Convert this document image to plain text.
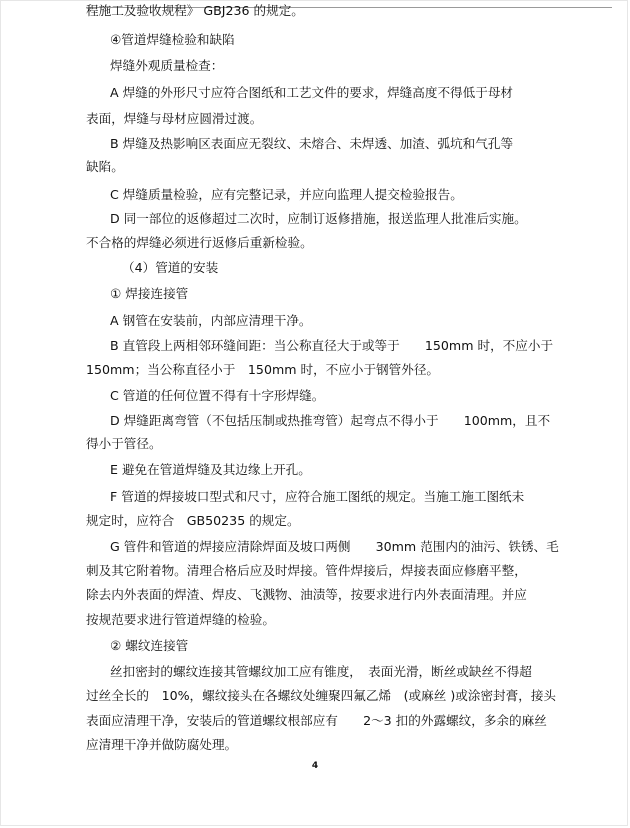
程施工及验收规程》 GBJ236 的规定。
④管道焊缝检验和缺陷
焊缝外观质量检查：
A 焊缝的外形尺寸应符合图纸和工艺文件的要求，焊缝高度不得低于母材
表面，焊缝与母材应圆滑过渡。
B 焊缝及热影响区表面应无裂纹、未熔合、未焊透、加渣、弧坑和气孔等
缺陷。
C 焊缝质量检验，应有完整记录，并应向监理人提交检验报告。
D 同一部位的返修超过二次时，应制订返修措施，报送监理人批准后实施。
不合格的焊缝必须进行返修后重新检验。
（4）管道的安装
① 焊接连接管
A 钢管在安装前，内部应清理干净。
B 直管段上两相邻环缝间距：当公称直径大于或等于　　150mm 时，不应小于
150mm；当公称直径小于　150mm 时，不应小于钢管外径。
C 管道的任何位置不得有十字形焊缝。
D 焊缝距离弯管（不包括压制或热推弯管）起弯点不得小于　　100mm，且不
得小于管径。
E 避免在管道焊缝及其边缘上开孔。
F 管道的焊接坡口型式和尺寸，应符合施工图纸的规定。当施工施工图纸未
规定时，应符合　GB50235 的规定。
G 管件和管道的焊接应清除焊面及坡口两侧　　30mm 范围内的油污、铁锈、毛
刺及其它附着物。清理合格后应及时焊接。管件焊接后，焊接表面应修磨平整，
除去内外表面的焊渣、焊皮、飞溅物、油渍等，按要求进行内外表面清理。并应
按规范要求进行管道焊缝的检验。
② 螺纹连接管
丝扣密封的螺纹连接其管螺纹加工应有锥度，　表面光滑，断丝或缺丝不得超
过丝全长的　10%，螺纹接头在各螺纹处缠聚四氟乙烯　(或麻丝 )或涂密封膏，接头
表面应清理干净，安装后的管道螺纹根部应有　　2～3 扣的外露螺纹，多余的麻丝
应清理干净并做防腐处理。
4
